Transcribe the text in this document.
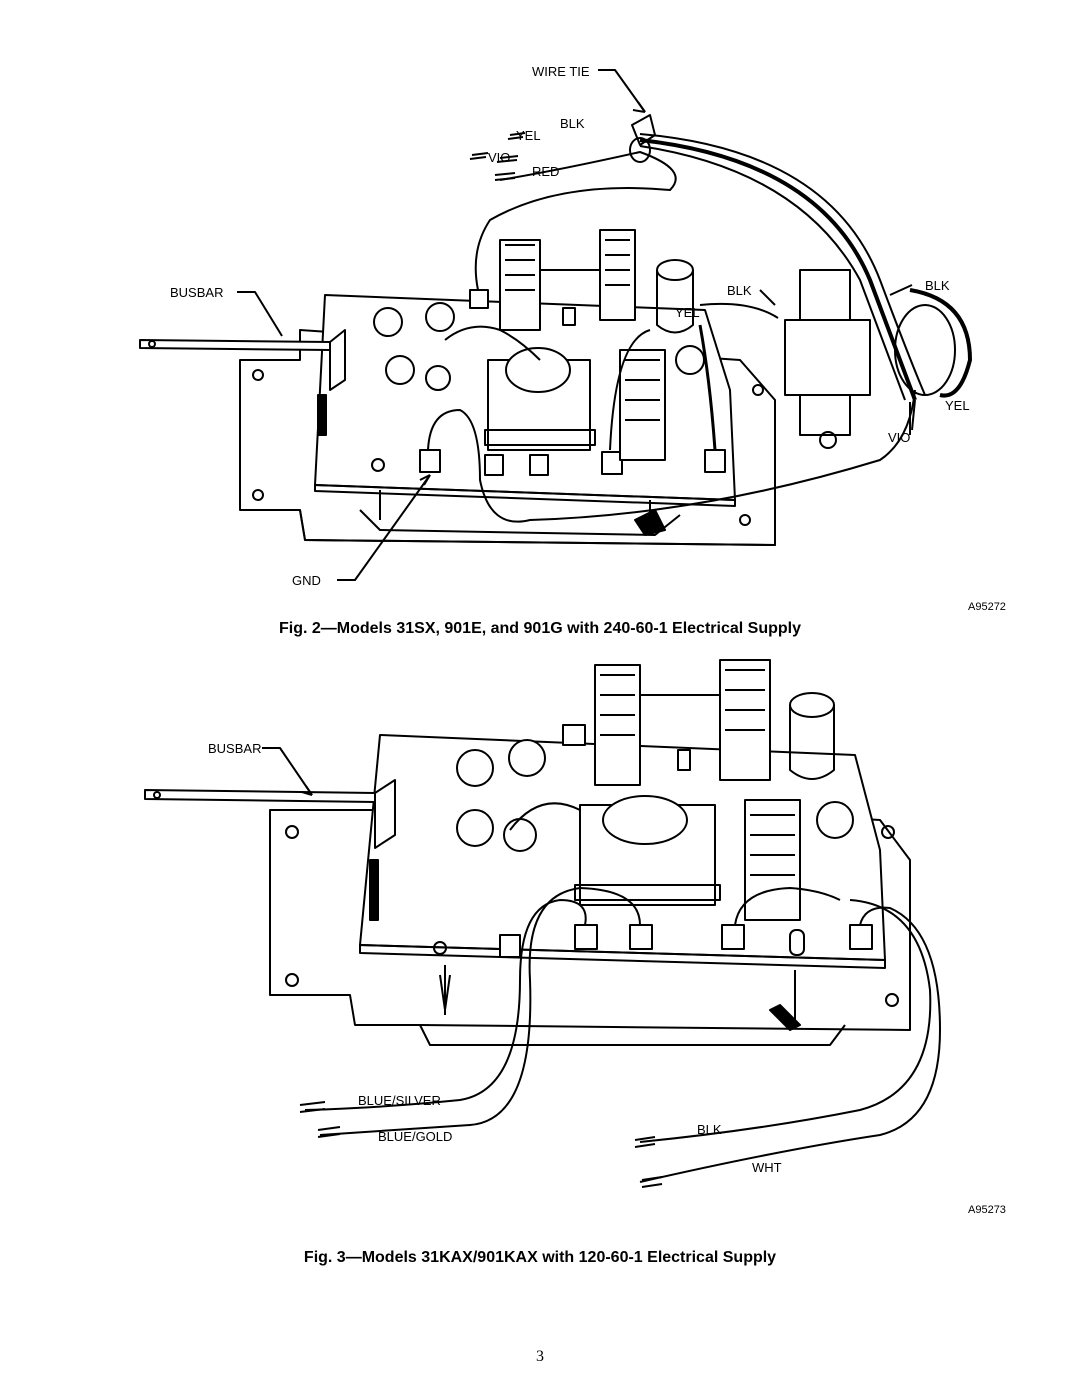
WIRE TIE
BLK
YEL
VIO
RED
BUSBAR	BLK
YEL
BLK
YEL
VIO
GND
A95272
Fig. 2—Models 31SX, 901E, and 901G with 240-60-1 Electrical Supply
BUSBAR
BLUE/SILVER
BLUE/GOLD	BLK
WHT
A95273
Fig. 3—Models 31KAX/901KAX with 120-60-1 Electrical Supply
3
